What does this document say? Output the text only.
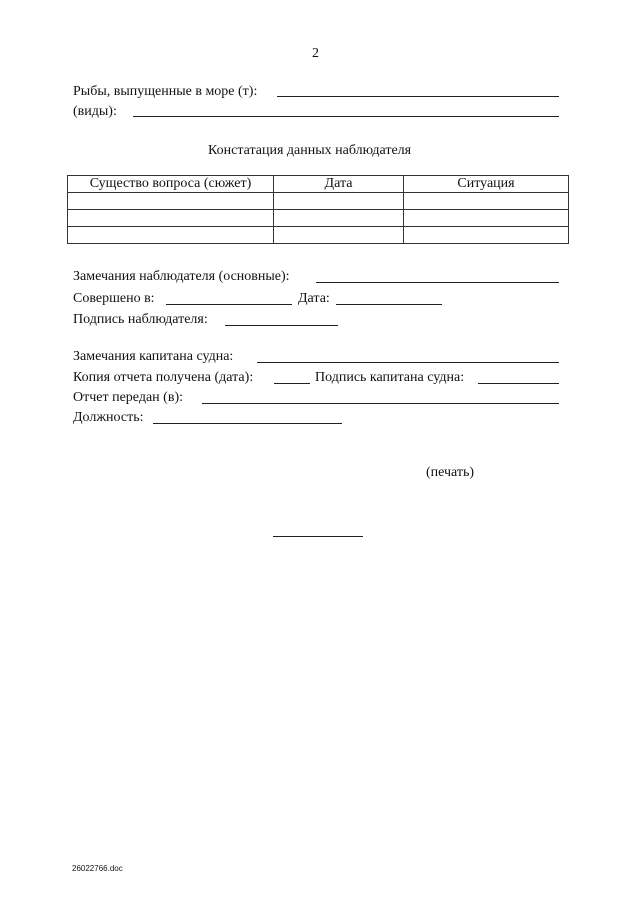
2
Рыбы, выпущенные в море (т):
(виды):
Констатация данных наблюдателя
Существо вопроса (сюжет)	Дата	Ситуация

Замечания наблюдателя (основные):
Совершено в:	Дата:
Подпись наблюдателя:
Замечания капитана судна:
Копия отчета получена (дата):	Подпись капитана судна:
Отчет передан (в):
Должность:
(печать)
26022766.doc
